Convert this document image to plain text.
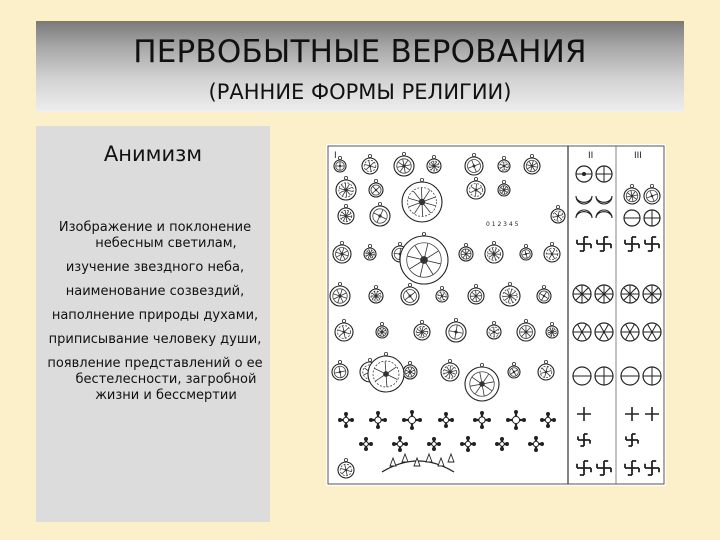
ПЕРВОБЫТНЫЕ ВЕРОВАНИЯ
(РАННИЕ ФОРМЫ РЕЛИГИИ)
Анимизм

Изображение и поклонение небесным светилам,

изучение звездного неба,

наименование созвездий,

наполнение природы духами,

приписывание человеку души,

появление представлений о ее бестелесности, загробной жизни и бессмертии

I	II	III
0 1 2 3 4 5
